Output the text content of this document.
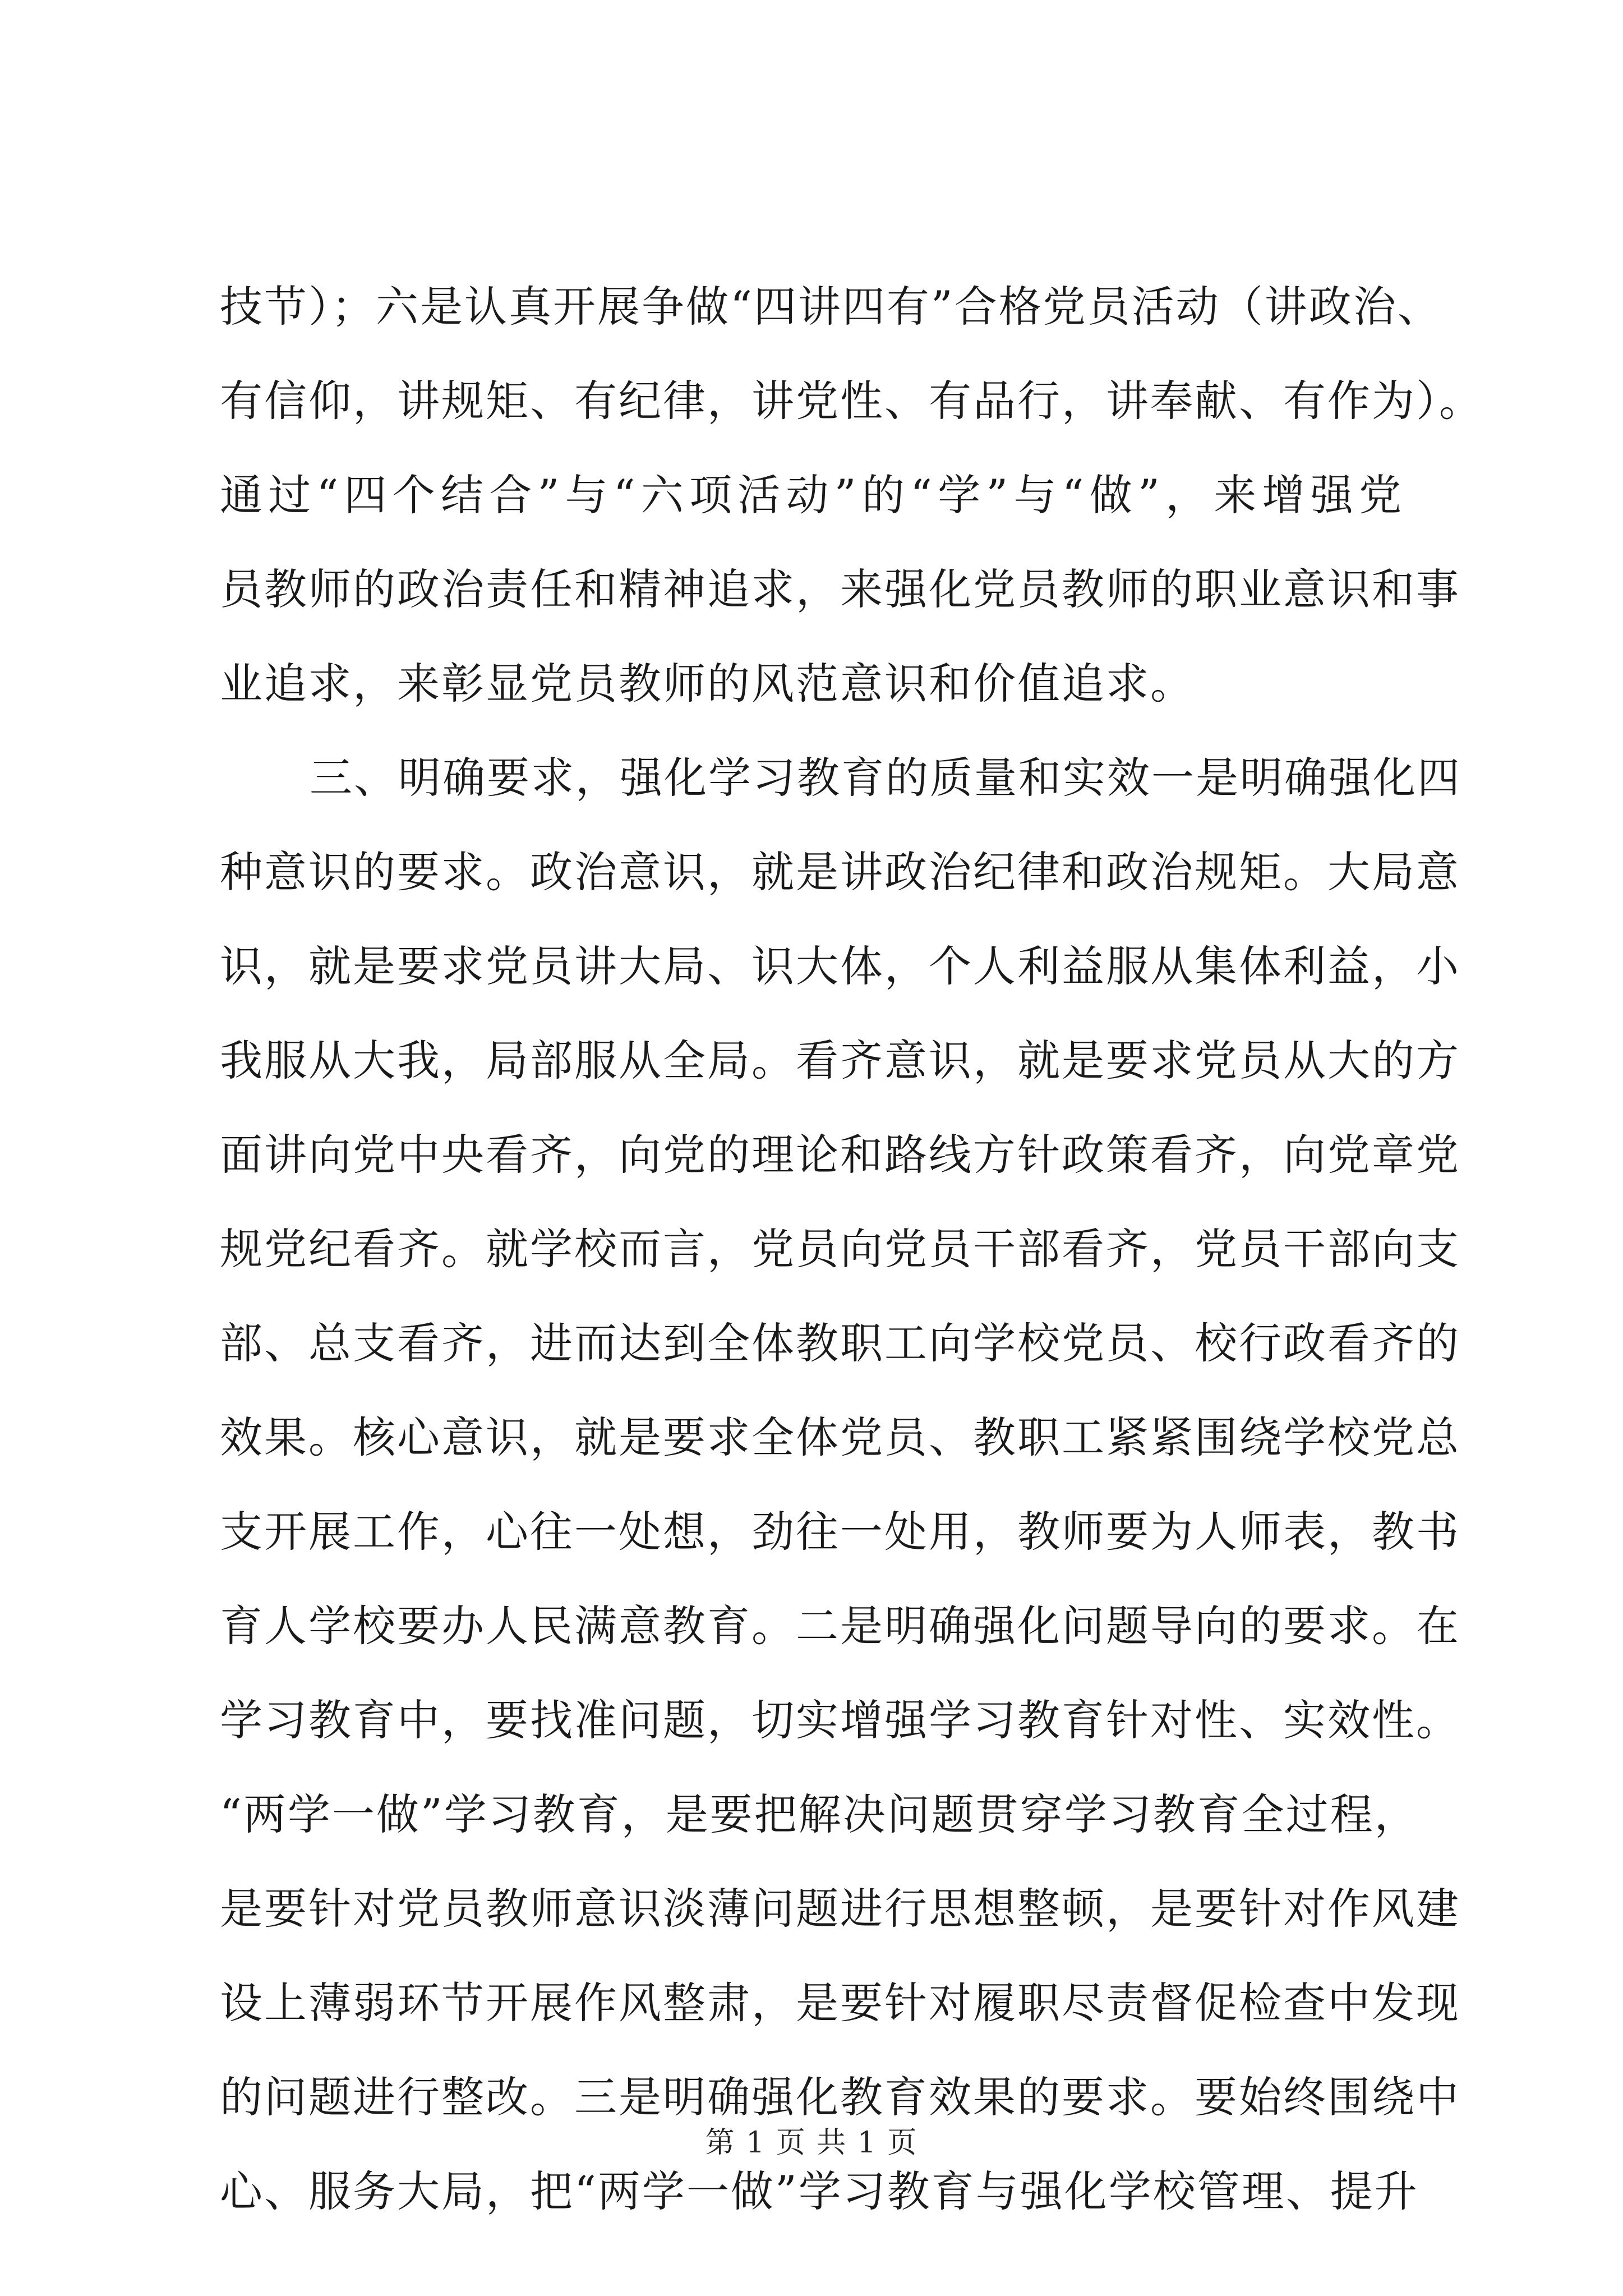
技节）；六是认真开展争做“四讲四有”合格党员活动（讲政治、
有信仰，讲规矩、有纪律，讲党性、有品行，讲奉献、有作为）。
通过“四个结合”与“六项活动”的“学”与“做”，来增强党
员教师的政治责任和精神追求，来强化党员教师的职业意识和事
业追求，来彰显党员教师的风范意识和价值追求。
三、明确要求，强化学习教育的质量和实效一是明确强化四
种意识的要求。政治意识，就是讲政治纪律和政治规矩。大局意
识，就是要求党员讲大局、识大体，个人利益服从集体利益，小
我服从大我，局部服从全局。看齐意识，就是要求党员从大的方
面讲向党中央看齐，向党的理论和路线方针政策看齐，向党章党
规党纪看齐。就学校而言，党员向党员干部看齐，党员干部向支
部、总支看齐，进而达到全体教职工向学校党员、校行政看齐的
效果。核心意识，就是要求全体党员、教职工紧紧围绕学校党总
支开展工作，心往一处想，劲往一处用，教师要为人师表，教书
育人学校要办人民满意教育。二是明确强化问题导向的要求。在
学习教育中，要找准问题，切实增强学习教育针对性、实效性。
“两学一做”学习教育，是要把解决问题贯穿学习教育全过程，
是要针对党员教师意识淡薄问题进行思想整顿，是要针对作风建
设上薄弱环节开展作风整肃，是要针对履职尽责督促检查中发现
的问题进行整改。三是明确强化教育效果的要求。要始终围绕中
心、服务大局，把“两学一做”学习教育与强化学校管理、提升
第 1 页 共 1 页
